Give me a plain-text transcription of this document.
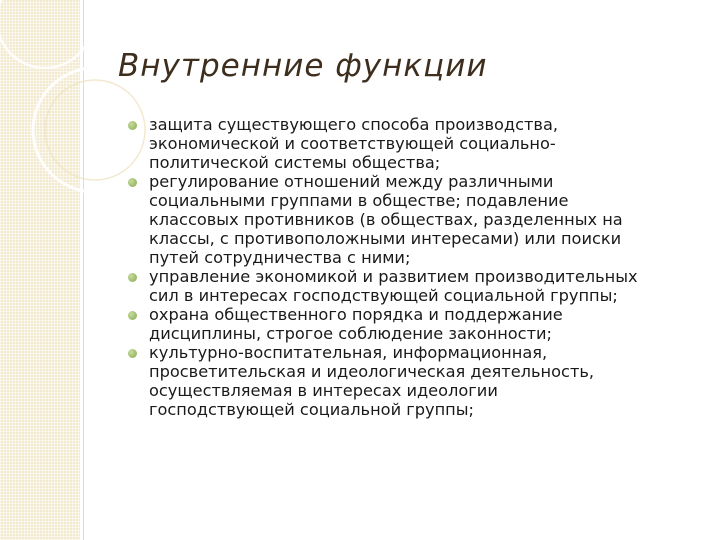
Внутренние функции
защита существующего способа производства,
экономической и соответствующей социально-
политической системы общества;
регулирование отношений между различными
социальными группами в обществе; подавление
классовых противников (в обществах, разделенных на
классы, с противоположными интересами) или поиски
путей сотрудничества с ними;
управление экономикой и развитием производительных
сил в интересах господствующей социальной группы;
охрана общественного порядка и поддержание
дисциплины, строгое соблюдение законности;
культурно-воспитательная, информационная,
просветительская и идеологическая деятельность,
осуществляемая в интересах идеологии
господствующей социальной группы;
